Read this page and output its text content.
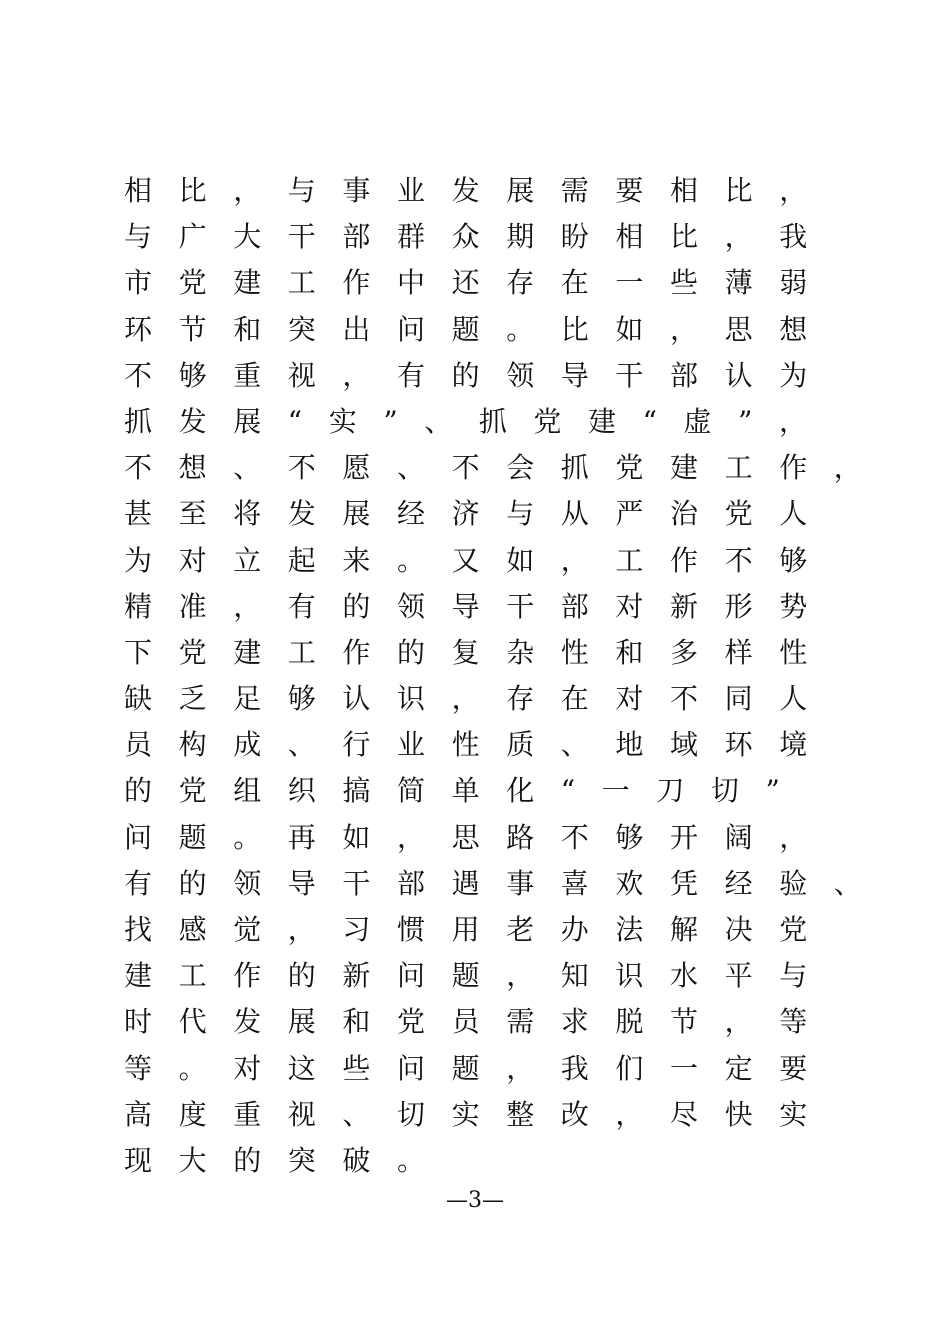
相比，与事业发展需要相比，
与广大干部群众期盼相比，我
市党建工作中还存在一些薄弱
环节和突出问题。比如，思想
不够重视，有的领导干部认为
抓发展“实”、抓党建“虚”，
不想、不愿、不会抓党建工作，
甚至将发展经济与从严治党人
为对立起来。又如，工作不够
精准，有的领导干部对新形势
下党建工作的复杂性和多样性
缺乏足够认识，存在对不同人
员构成、行业性质、地域环境
的党组织搞简单化“一刀切”
问题。再如，思路不够开阔，
有的领导干部遇事喜欢凭经验、
找感觉，习惯用老办法解决党
建工作的新问题，知识水平与
时代发展和党员需求脱节，等
等。对这些问题，我们一定要
高度重视、切实整改，尽快实
现大的突破。
—3—
